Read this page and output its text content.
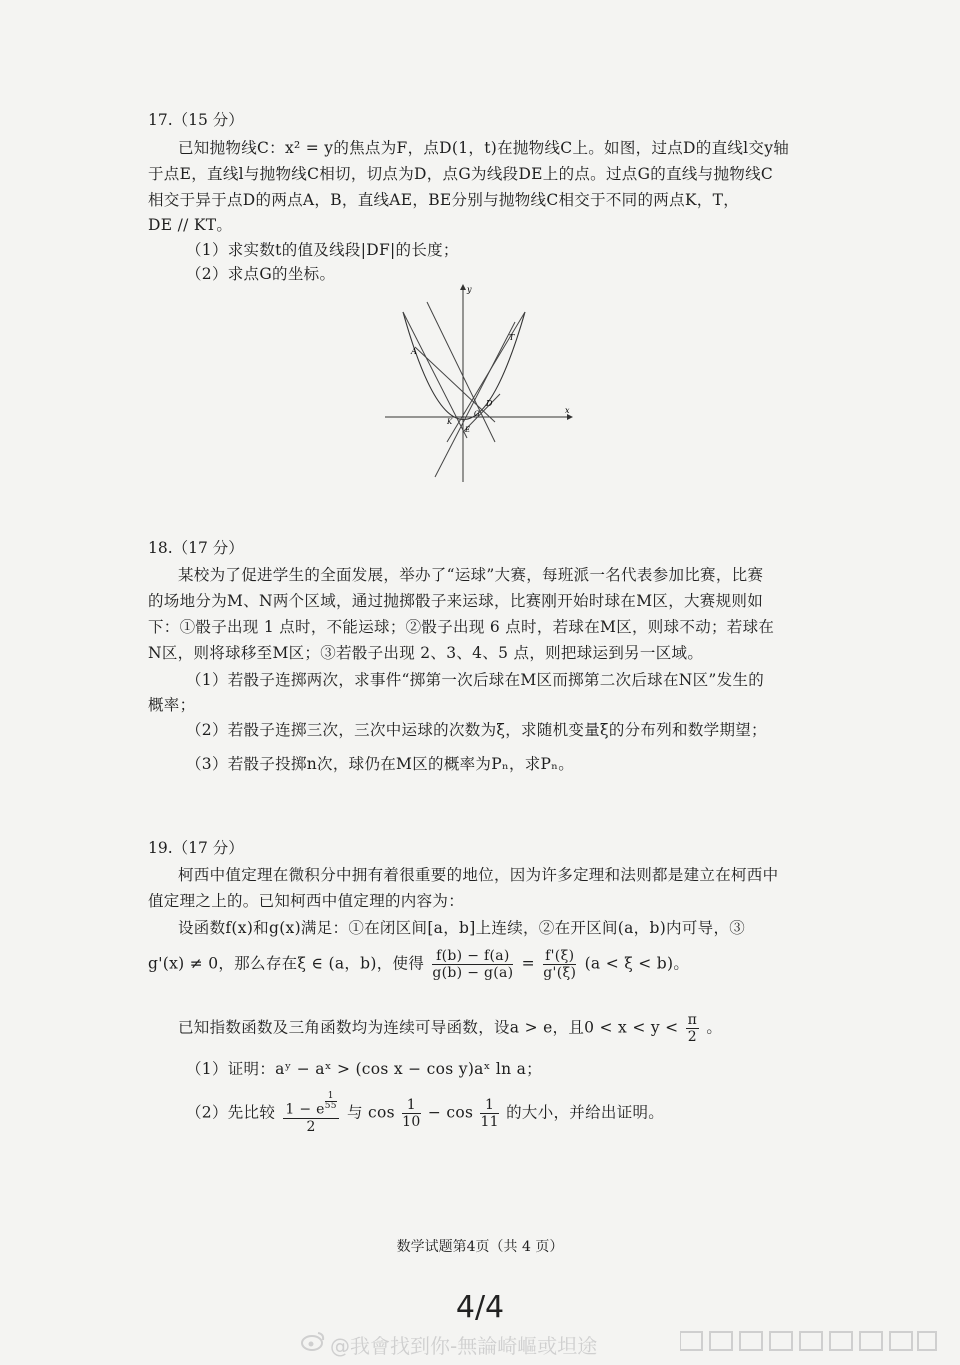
17.（15 分）
已知抛物线C：x² = y的焦点为F，点D(1，t)在抛物线C上。如图，过点D的直线l交y轴
于点E，直线l与抛物线C相切，切点为D，点G为线段DE上的点。过点G的直线与抛物线C
相交于异于点D的两点A，B，直线AE，BE分别与抛物线C相交于不同的两点K，T，
DE // KT。
（1）求实数t的值及线段|DF|的长度；
（2）求点G的坐标。
y
x
A
T
D
K
G
E
18.（17 分）
某校为了促进学生的全面发展，举办了“运球”大赛，每班派一名代表参加比赛，比赛
的场地分为M、N两个区域，通过抛掷骰子来运球，比赛刚开始时球在M区，大赛规则如
下：①骰子出现 1 点时，不能运球；②骰子出现 6 点时，若球在M区，则球不动；若球在
N区，则将球移至M区；③若骰子出现 2、3、4、5 点，则把球运到另一区域。
（1）若骰子连掷两次，求事件“掷第一次后球在M区而掷第二次后球在N区”发生的
概率；
（2）若骰子连掷三次，三次中运球的次数为ξ，求随机变量ξ的分布列和数学期望；
（3）若骰子投掷n次，球仍在M区的概率为Pₙ，求Pₙ。
19.（17 分）
柯西中值定理在微积分中拥有着很重要的地位，因为许多定理和法则都是建立在柯西中
值定理之上的。已知柯西中值定理的内容为：
设函数f(x)和g(x)满足：①在闭区间[a，b]上连续，②在开区间(a，b)内可导，③
g'(x) ≠ 0，那么存在ξ ∈ (a，b)，使得 $\frac{f(b) - f(a)}{g(b) - g(a)} = \frac{f'(\xi)}{g'(\xi)} (a < \xi < b)$。
已知指数函数及三角函数均为连续可导函数，设a > e，且$0 < x < y < \frac{\pi}{2}$ 。
（1）证明：aʸ − aˣ > (cos x − cos y)aˣ ln a；
（2）先比较 1 − e $^{\frac{1}{55}}$
2 与 $\cos \frac{1}{10} - \cos \frac{1}{11}$ 的大小，并给出证明。
数学试题第4页（共 4 页）
4/4
@我會找到你-無論崎嶇或坦途
